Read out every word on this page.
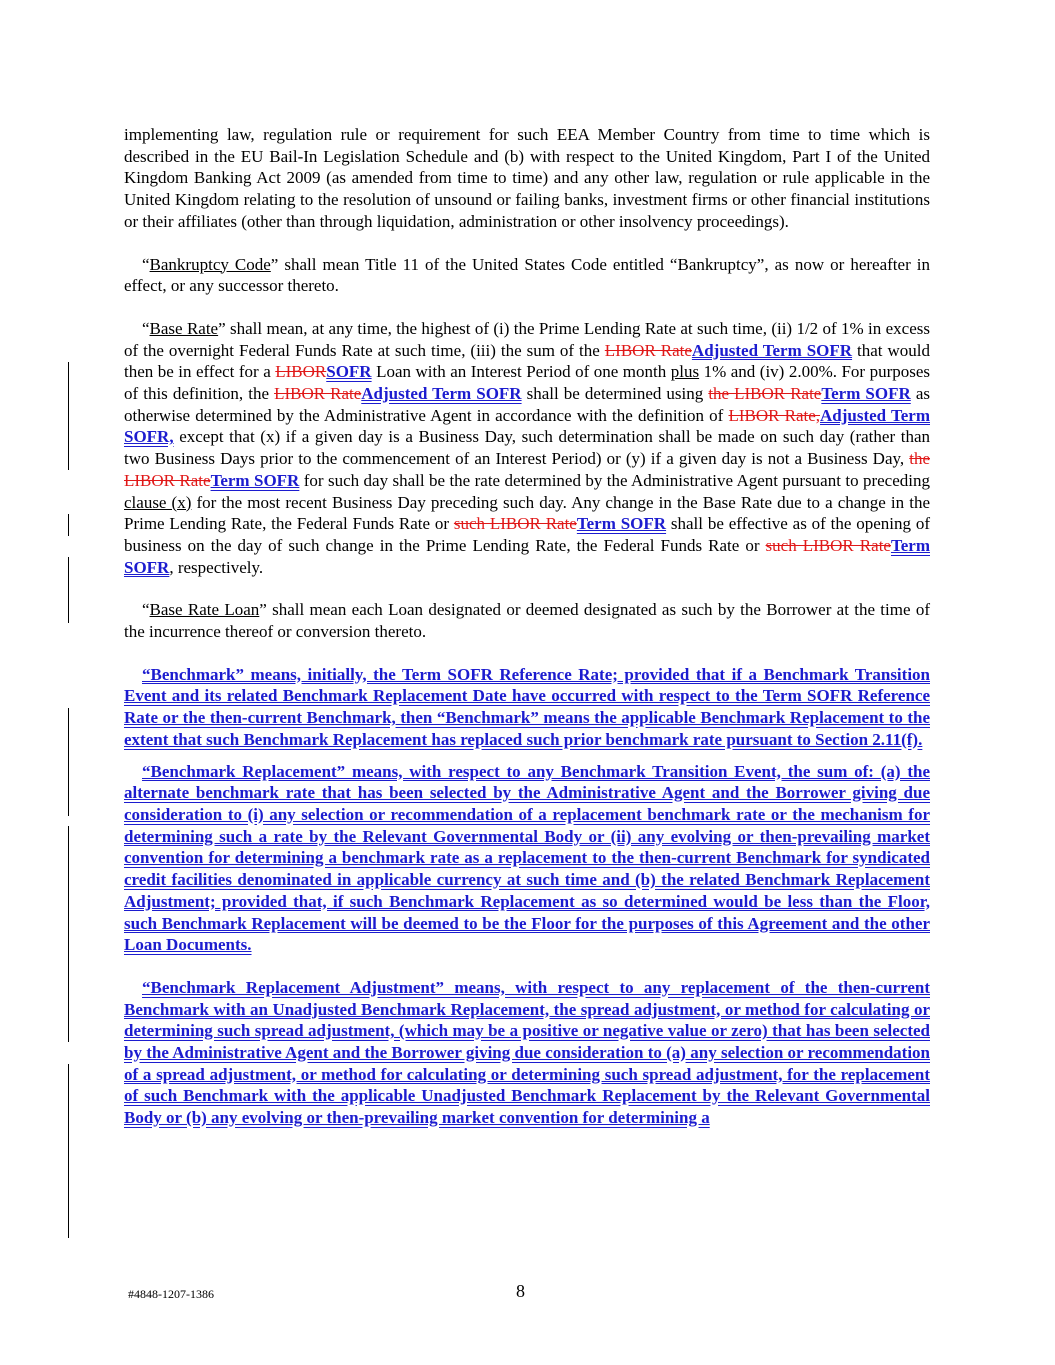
implementing law, regulation rule or requirement for such EEA Member Country from time to time which is described in the EU Bail-In Legislation Schedule and (b) with respect to the United Kingdom, Part I of the United Kingdom Banking Act 2009 (as amended from time to time) and any other law, regulation or rule applicable in the United Kingdom relating to the resolution of unsound or failing banks, investment firms or other financial institutions or their affiliates (other than through liquidation, administration or other insolvency proceedings).

“Bankruptcy Code” shall mean Title 11 of the United States Code entitled “Bankruptcy”, as now or hereafter in effect, or any successor thereto.

“Base Rate” shall mean, at any time, the highest of (i) the Prime Lending Rate at such time, (ii) 1/2 of 1% in excess of the overnight Federal Funds Rate at such time, (iii) the sum of the LIBOR RateAdjusted Term SOFR that would then be in effect for a LIBORSOFR Loan with an Interest Period of one month plus 1% and (iv) 2.00%. For purposes of this definition, the LIBOR RateAdjusted Term SOFR shall be determined using the LIBOR RateTerm SOFR as otherwise determined by the Administrative Agent in accordance with the definition of LIBOR Rate,Adjusted Term SOFR, except that (x) if a given day is a Business Day, such determination shall be made on such day (rather than two Business Days prior to the commencement of an Interest Period) or (y) if a given day is not a Business Day, the LIBOR RateTerm SOFR for such day shall be the rate determined by the Administrative Agent pursuant to preceding clause (x) for the most recent Business Day preceding such day. Any change in the Base Rate due to a change in the Prime Lending Rate, the Federal Funds Rate or such LIBOR RateTerm SOFR shall be effective as of the opening of business on the day of such change in the Prime Lending Rate, the Federal Funds Rate or such LIBOR RateTerm SOFR, respectively.

“Base Rate Loan” shall mean each Loan designated or deemed designated as such by the Borrower at the time of the incurrence thereof or conversion thereto.

“Benchmark” means, initially, the Term SOFR Reference Rate; provided that if a Benchmark Transition Event and its related Benchmark Replacement Date have occurred with respect to the Term SOFR Reference Rate or the then-current Benchmark, then “Benchmark” means the applicable Benchmark Replacement to the extent that such Benchmark Replacement has replaced such prior benchmark rate pursuant to Section 2.11(f).

“Benchmark Replacement” means, with respect to any Benchmark Transition Event, the sum of: (a) the alternate benchmark rate that has been selected by the Administrative Agent and the Borrower giving due consideration to (i) any selection or recommendation of a replacement benchmark rate or the mechanism for determining such a rate by the Relevant Governmental Body or (ii) any evolving or then-prevailing market convention for determining a benchmark rate as a replacement to the then-current Benchmark for syndicated credit facilities denominated in applicable currency at such time and (b) the related Benchmark Replacement Adjustment; provided that, if such Benchmark Replacement as so determined would be less than the Floor, such Benchmark Replacement will be deemed to be the Floor for the purposes of this Agreement and the other Loan Documents.

“Benchmark Replacement Adjustment” means, with respect to any replacement of the then-current Benchmark with an Unadjusted Benchmark Replacement, the spread adjustment, or method for calculating or determining such spread adjustment, (which may be a positive or negative value or zero) that has been selected by the Administrative Agent and the Borrower giving due consideration to (a) any selection or recommendation of a spread adjustment, or method for calculating or determining such spread adjustment, for the replacement of such Benchmark with the applicable Unadjusted Benchmark Replacement by the Relevant Governmental Body or (b) any evolving or then-prevailing market convention for determining a

#4848-1207-1386	8
